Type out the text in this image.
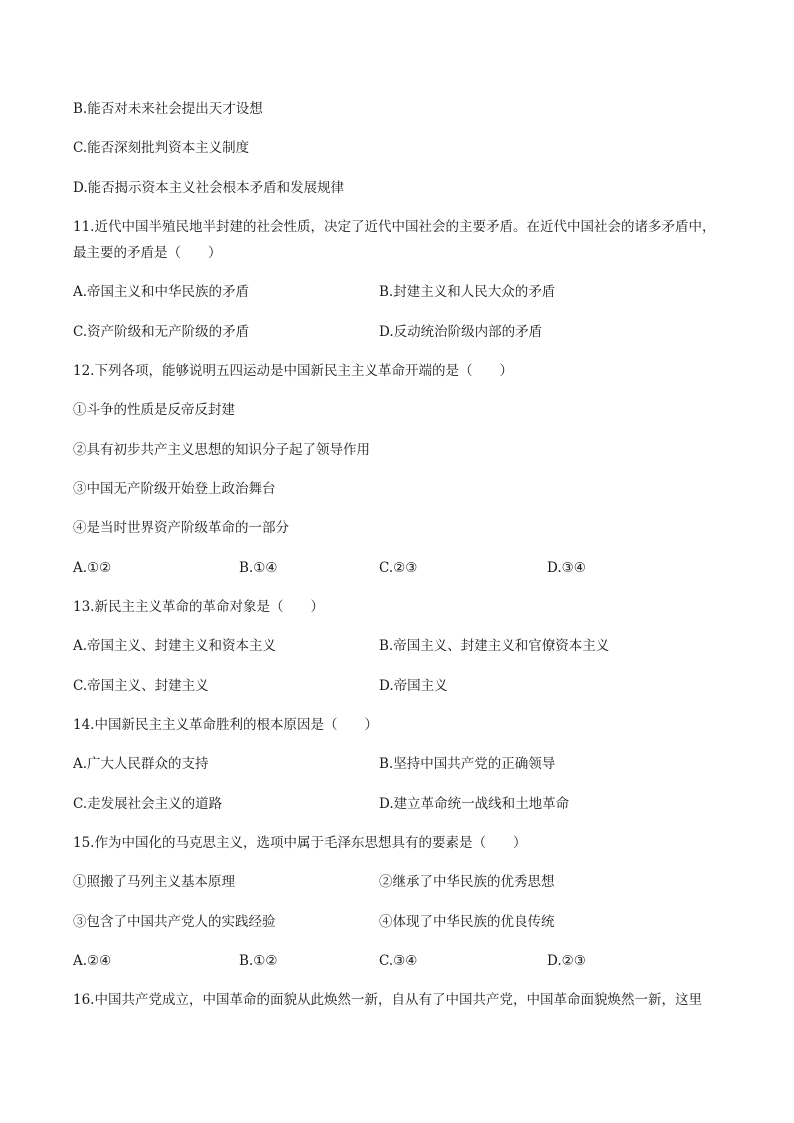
B.能否对未来社会提出天才设想
C.能否深刻批判资本主义制度
D.能否揭示资本主义社会根本矛盾和发展规律
11.近代中国半殖民地半封建的社会性质，决定了近代中国社会的主要矛盾。在近代中国社会的诸多矛盾中，
最主要的矛盾是（　　）
A.帝国主义和中华民族的矛盾	B.封建主义和人民大众的矛盾
C.资产阶级和无产阶级的矛盾	D.反动统治阶级内部的矛盾
12.下列各项，能够说明五四运动是中国新民主主义革命开端的是（　　）
①斗争的性质是反帝反封建
②具有初步共产主义思想的知识分子起了领导作用
③中国无产阶级开始登上政治舞台
④是当时世界资产阶级革命的一部分
A.①②	B.①④	C.②③	D.③④
13.新民主主义革命的革命对象是（　　）
A.帝国主义、封建主义和资本主义	B.帝国主义、封建主义和官僚资本主义
C.帝国主义、封建主义	D.帝国主义
14.中国新民主主义革命胜利的根本原因是（　　）
A.广大人民群众的支持	B.坚持中国共产党的正确领导
C.走发展社会主义的道路	D.建立革命统一战线和土地革命
15.作为中国化的马克思主义，选项中属于毛泽东思想具有的要素是（　　）
①照搬了马列主义基本原理	②继承了中华民族的优秀思想
③包含了中国共产党人的实践经验	④体现了中华民族的优良传统
A.②④	B.①②	C.③④	D.②③
16.中国共产党成立，中国革命的面貌从此焕然一新，自从有了中国共产党，中国革命面貌焕然一新，这里
